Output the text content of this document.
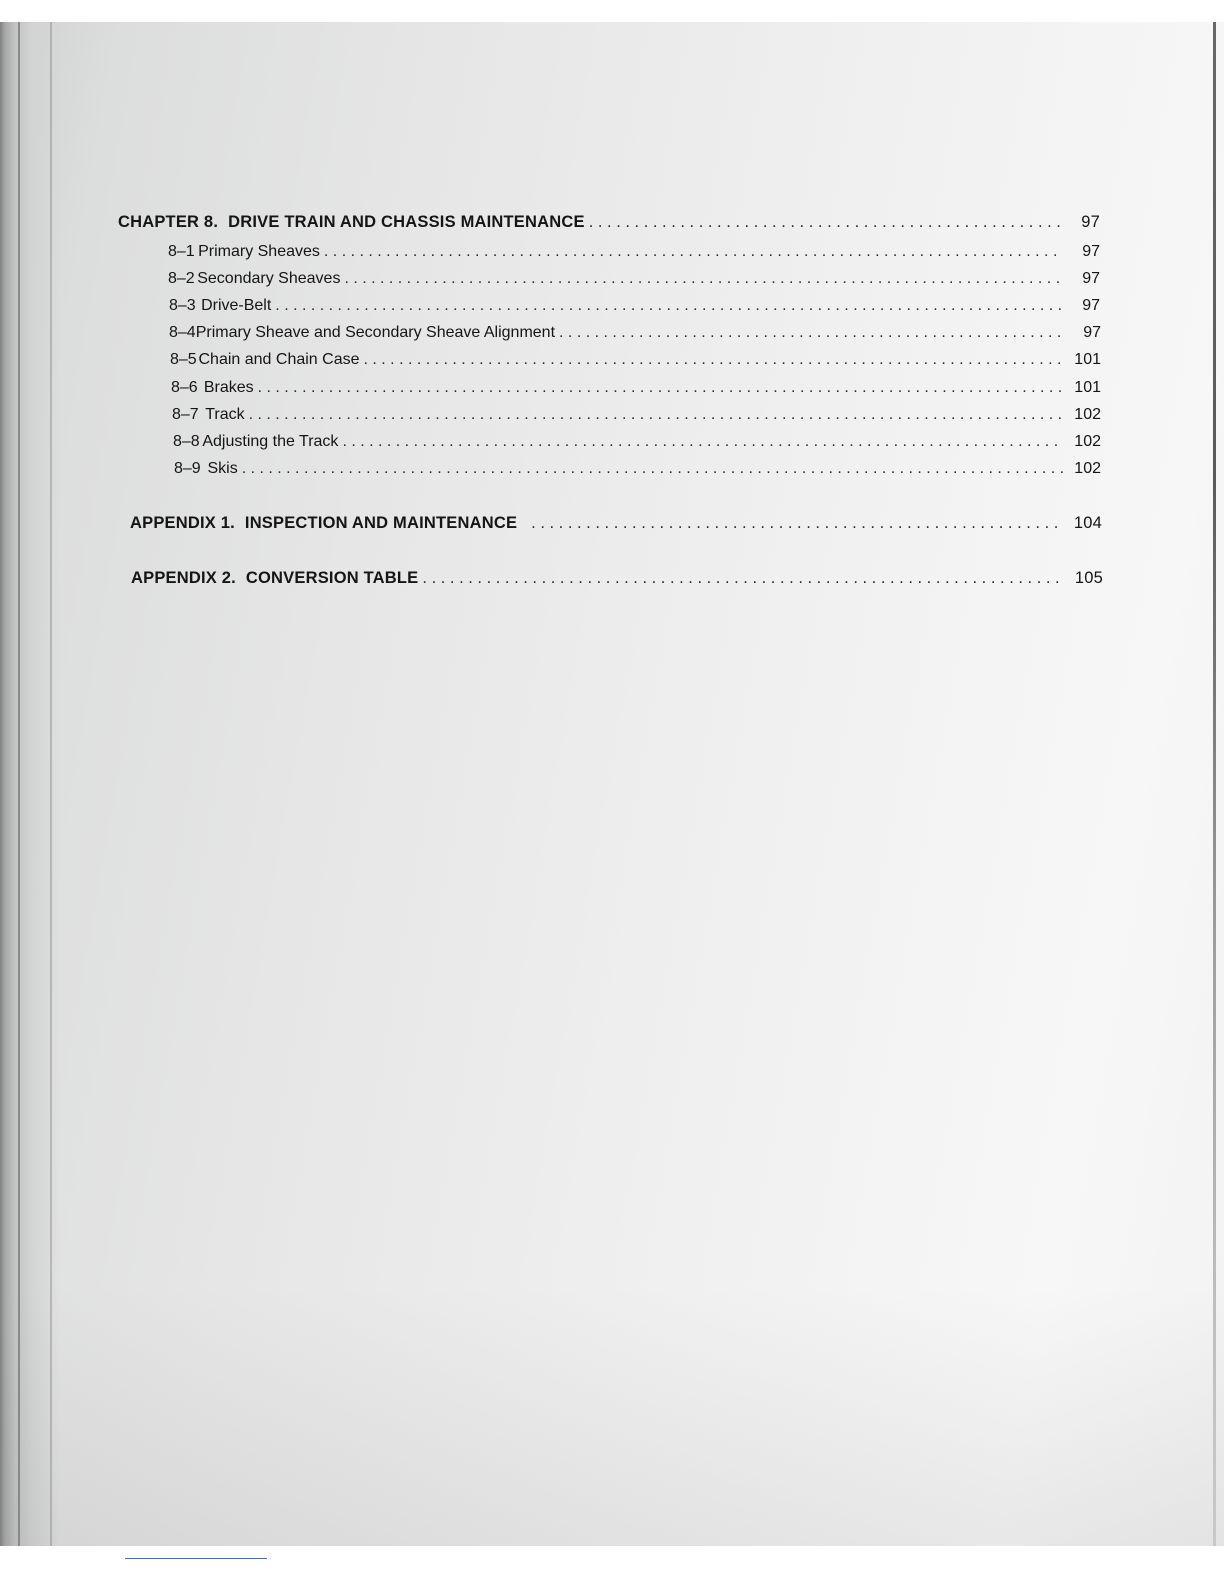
CHAPTER 8. DRIVE TRAIN AND CHASSIS MAINTENANCE . . .	97
8–1 Primary Sheaves . . .	97
8–2 Secondary Sheaves . . .	97
8–3 Drive-Belt . . .	97
8–4 Primary Sheave and Secondary Sheave Alignment . . .	97
8–5 Chain and Chain Case . . .	101
8–6 Brakes . . .	101
8–7 Track . . .	102
8–8 Adjusting the Track . . .	102
8–9 Skis . . .	102
APPENDIX 1. INSPECTION AND MAINTENANCE . . .	104
APPENDIX 2. CONVERSION TABLE . . .	105
